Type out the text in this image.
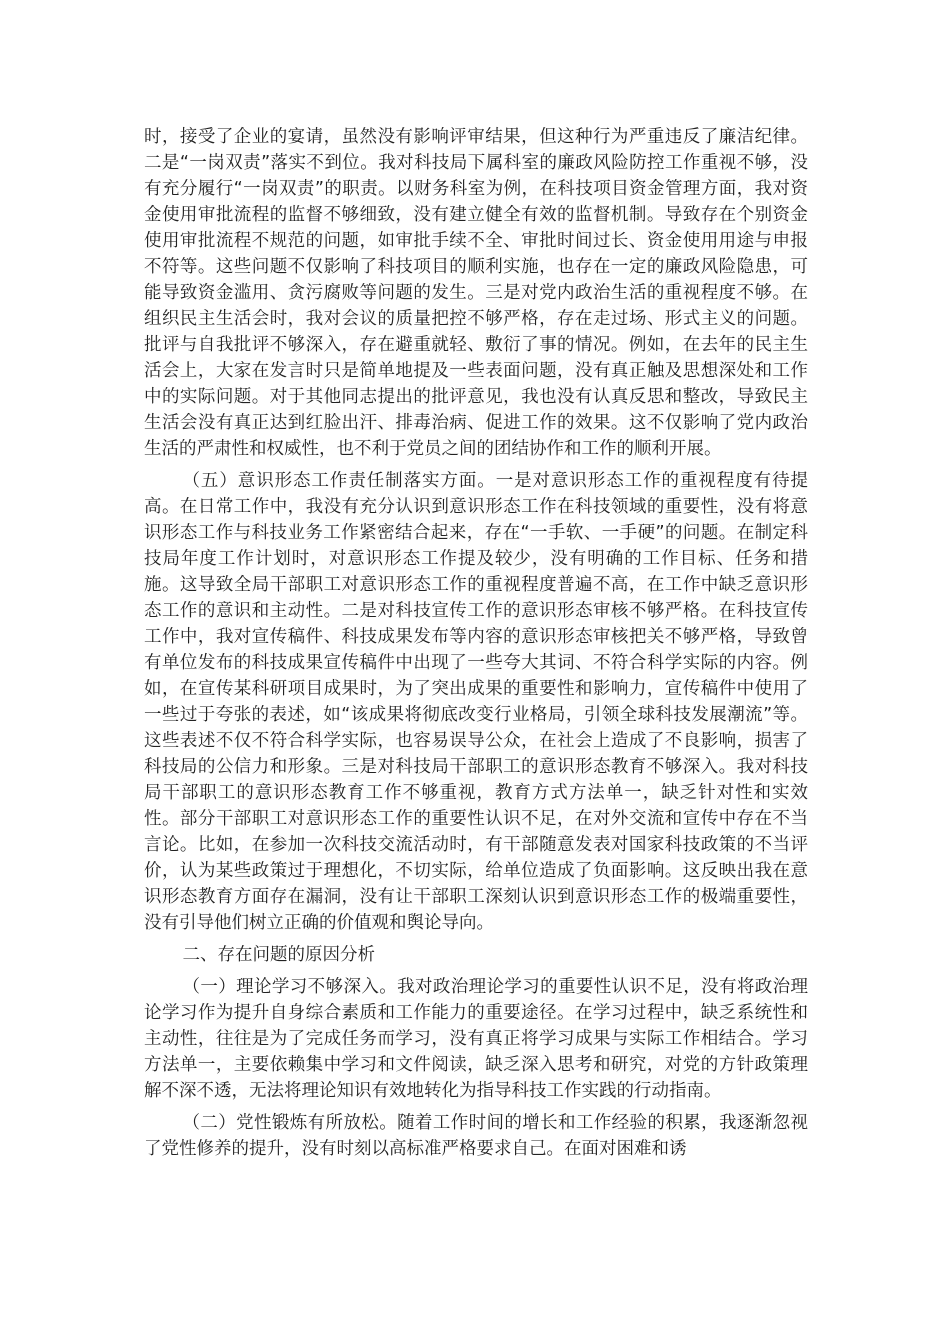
时，接受了企业的宴请，虽然没有影响评审结果，但这种行为严重违反了廉洁纪律。二是“一岗双责”落实不到位。我对科技局下属科室的廉政风险防控工作重视不够，没有充分履行“一岗双责”的职责。以财务科室为例，在科技项目资金管理方面，我对资金使用审批流程的监督不够细致，没有建立健全有效的监督机制。导致存在个别资金使用审批流程不规范的问题，如审批手续不全、审批时间过长、资金使用用途与申报不符等。这些问题不仅影响了科技项目的顺利实施，也存在一定的廉政风险隐患，可能导致资金滥用、贪污腐败等问题的发生。三是对党内政治生活的重视程度不够。在组织民主生活会时，我对会议的质量把控不够严格，存在走过场、形式主义的问题。批评与自我批评不够深入，存在避重就轻、敷衍了事的情况。例如，在去年的民主生活会上，大家在发言时只是简单地提及一些表面问题，没有真正触及思想深处和工作中的实际问题。对于其他同志提出的批评意见，我也没有认真反思和整改，导致民主生活会没有真正达到红脸出汗、排毒治病、促进工作的效果。这不仅影响了党内政治生活的严肃性和权威性，也不利于党员之间的团结协作和工作的顺利开展。

（五）意识形态工作责任制落实方面。一是对意识形态工作的重视程度有待提高。在日常工作中，我没有充分认识到意识形态工作在科技领域的重要性，没有将意识形态工作与科技业务工作紧密结合起来，存在“一手软、一手硬”的问题。在制定科技局年度工作计划时，对意识形态工作提及较少，没有明确的工作目标、任务和措施。这导致全局干部职工对意识形态工作的重视程度普遍不高，在工作中缺乏意识形态工作的意识和主动性。二是对科技宣传工作的意识形态审核不够严格。在科技宣传工作中，我对宣传稿件、科技成果发布等内容的意识形态审核把关不够严格，导致曾有单位发布的科技成果宣传稿件中出现了一些夸大其词、不符合科学实际的内容。例如，在宣传某科研项目成果时，为了突出成果的重要性和影响力，宣传稿件中使用了一些过于夸张的表述，如“该成果将彻底改变行业格局，引领全球科技发展潮流”等。这些表述不仅不符合科学实际，也容易误导公众，在社会上造成了不良影响，损害了科技局的公信力和形象。三是对科技局干部职工的意识形态教育不够深入。我对科技局干部职工的意识形态教育工作不够重视，教育方式方法单一，缺乏针对性和实效性。部分干部职工对意识形态工作的重要性认识不足，在对外交流和宣传中存在不当言论。比如，在参加一次科技交流活动时，有干部随意发表对国家科技政策的不当评价，认为某些政策过于理想化，不切实际，给单位造成了负面影响。这反映出我在意识形态教育方面存在漏洞，没有让干部职工深刻认识到意识形态工作的极端重要性，没有引导他们树立正确的价值观和舆论导向。

二、存在问题的原因分析

（一）理论学习不够深入。我对政治理论学习的重要性认识不足，没有将政治理论学习作为提升自身综合素质和工作能力的重要途径。在学习过程中，缺乏系统性和主动性，往往是为了完成任务而学习，没有真正将学习成果与实际工作相结合。学习方法单一，主要依赖集中学习和文件阅读，缺乏深入思考和研究，对党的方针政策理解不深不透，无法将理论知识有效地转化为指导科技工作实践的行动指南。

（二）党性锻炼有所放松。随着工作时间的增长和工作经验的积累，我逐渐忽视了党性修养的提升，没有时刻以高标准严格要求自己。在面对困难和诱
